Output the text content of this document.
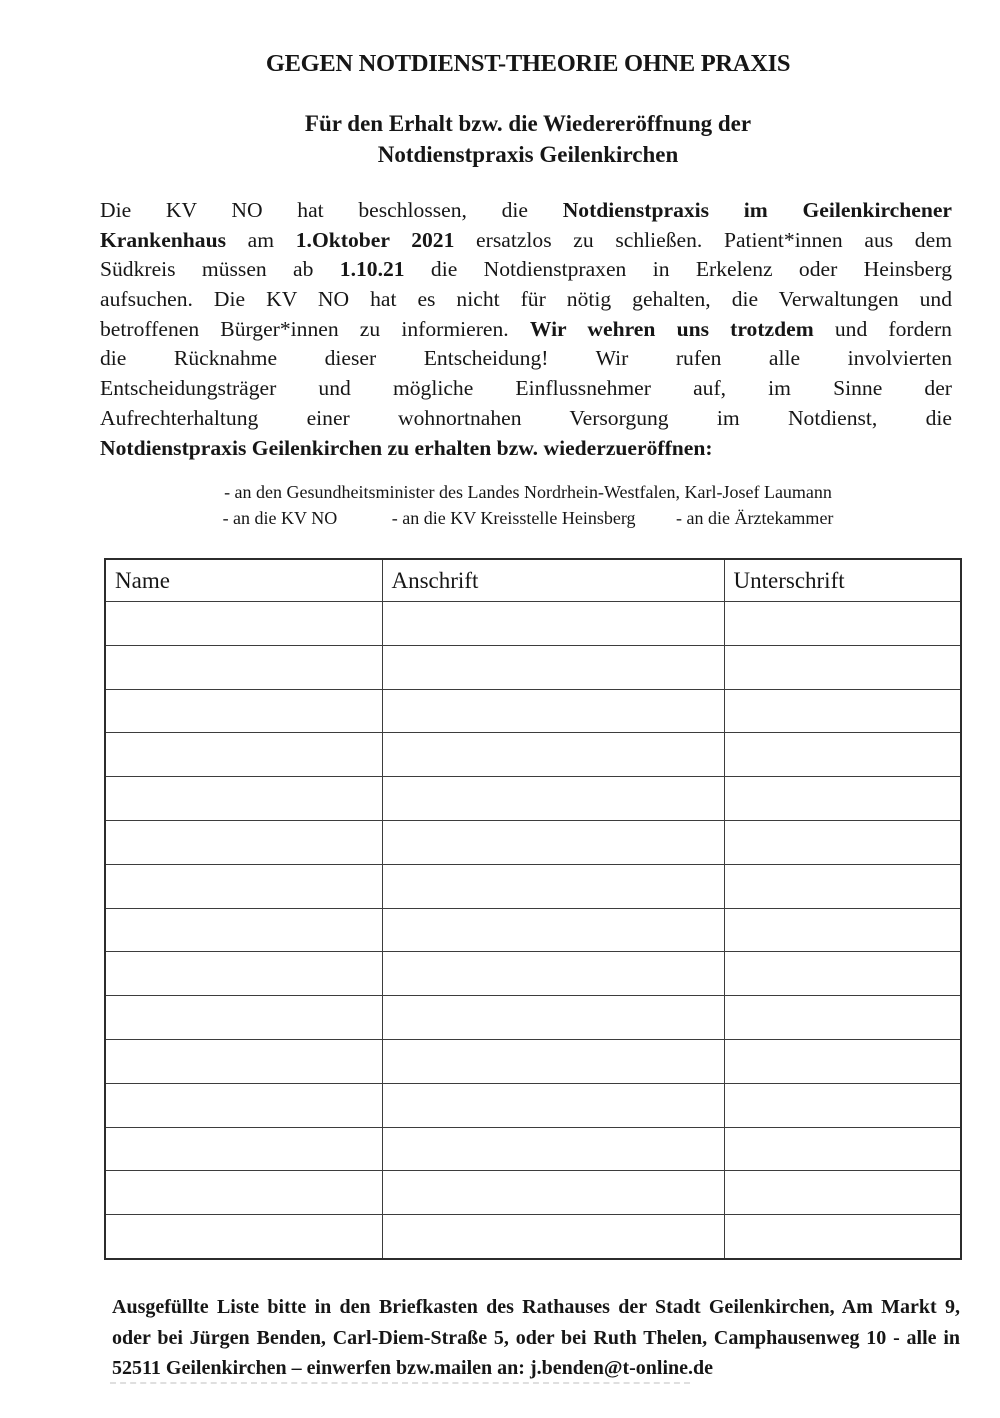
GEGEN NOTDIENST-THEORIE OHNE PRAXIS
Für den Erhalt bzw. die Wiedereröffnung der
Notdienstpraxis Geilenkirchen
Die KV NO hat beschlossen, die Notdienstpraxis im Geilenkirchener
Krankenhaus am 1.Oktober 2021 ersatzlos zu schließen. Patient*innen aus dem
Südkreis müssen ab 1.10.21 die Notdienstpraxen in Erkelenz oder Heinsberg
aufsuchen. Die KV NO hat es nicht für nötig gehalten, die Verwaltungen und
betroffenen Bürger*innen zu informieren. Wir wehren uns trotzdem und fordern
die Rücknahme dieser Entscheidung! Wir rufen alle involvierten
Entscheidungsträger und mögliche Einflussnehmer auf, im Sinne der
Aufrechterhaltung einer wohnortnahen Versorgung im Notdienst, die
Notdienstpraxis Geilenkirchen zu erhalten bzw. wiederzueröffnen:
- an den Gesundheitsminister des Landes Nordrhein-Westfalen, Karl-Josef Laumann
- an die KV NO	- an die KV Kreisstelle Heinsberg - an die Ärztekammer
Name	Anschrift	Unterschrift

Ausgefüllte Liste bitte in den Briefkasten des Rathauses der Stadt Geilenkirchen, Am Markt 9,
oder bei Jürgen Benden, Carl-Diem-Straße 5, oder bei Ruth Thelen, Camphausenweg 10 - alle in
52511 Geilenkirchen – einwerfen bzw.mailen an: j.benden@t-online.de
